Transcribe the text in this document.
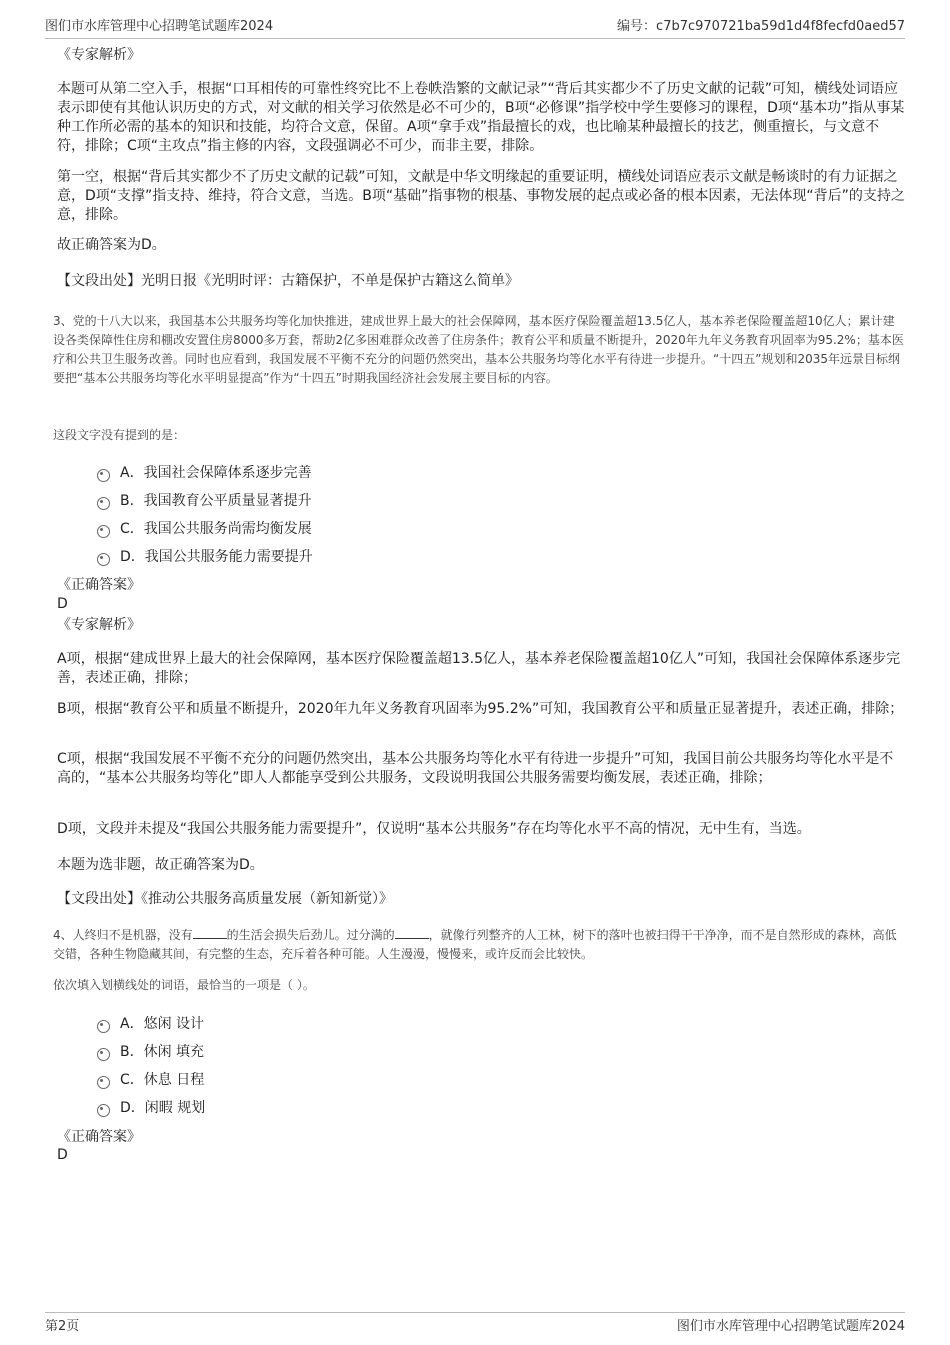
图们市水库管理中心招聘笔试题库2024	编号：c7b7c970721ba59d1d4f8fecfd0aed57

《专家解析》

本题可从第二空入手，根据“口耳相传的可靠性终究比不上卷帙浩繁的文献记录”“背后其实都少不了历史文献的记载”可知，横线处词语应表示即使有其他认识历史的方式，对文献的相关学习依然是必不可少的，B项“必修课”指学校中学生要修习的课程，D项“基本功”指从事某种工作所必需的基本的知识和技能，均符合文意，保留。A项“拿手戏”指最擅长的戏，也比喻某种最擅长的技艺，侧重擅长，与文意不符，排除；C项“主攻点”指主修的内容，文段强调必不可少，而非主要，排除。

第一空，根据“背后其实都少不了历史文献的记载”可知，文献是中华文明缘起的重要证明，横线处词语应表示文献是畅谈时的有力证据之意，D项“支撑”指支持、维持，符合文意，当选。B项“基础”指事物的根基、事物发展的起点或必备的根本因素，无法体现“背后”的支持之意，排除。

故正确答案为D。

【文段出处】光明日报《光明时评：古籍保护，不单是保护古籍这么简单》

3、党的十八大以来，我国基本公共服务均等化加快推进，建成世界上最大的社会保障网，基本医疗保险覆盖超13.5亿人，基本养老保险覆盖超10亿人；累计建设各类保障性住房和棚改安置住房8000多万套，帮助2亿多困难群众改善了住房条件；教育公平和质量不断提升，2020年九年义务教育巩固率为95.2%；基本医疗和公共卫生服务改善。同时也应看到，我国发展不平衡不充分的问题仍然突出，基本公共服务均等化水平有待进一步提升。“十四五”规划和2035年远景目标纲要把“基本公共服务均等化水平明显提高”作为“十四五”时期我国经济社会发展主要目标的内容。

这段文字没有提到的是：

A．我国社会保障体系逐步完善
B．我国教育公平质量显著提升
C．我国公共服务尚需均衡发展
D．我国公共服务能力需要提升

《正确答案》

D

《专家解析》

A项，根据“建成世界上最大的社会保障网，基本医疗保险覆盖超13.5亿人，基本养老保险覆盖超10亿人”可知，我国社会保障体系逐步完善，表述正确，排除；

B项，根据“教育公平和质量不断提升，2020年九年义务教育巩固率为95.2%”可知，我国教育公平和质量正显著提升，表述正确，排除；

C项，根据“我国发展不平衡不充分的问题仍然突出，基本公共服务均等化水平有待进一步提升”可知，我国目前公共服务均等化水平是不高的，“基本公共服务均等化”即人人都能享受到公共服务，文段说明我国公共服务需要均衡发展，表述正确，排除；

D项，文段并未提及“我国公共服务能力需要提升”，仅说明“基本公共服务”存在均等化水平不高的情况，无中生有，当选。

本题为选非题，故正确答案为D。

【文段出处】《推动公共服务高质量发展（新知新觉）》

4、人终归不是机器，没有	的生活会损失后劲儿。过分满的	，就像行列整齐的人工林，树下的落叶也被扫得干干净净，而不是自然形成的森林，高低交错，各种生物隐藏其间，有完整的生态，充斥着各种可能。人生漫漫，慢慢来，或许反而会比较快。

依次填入划横线处的词语，最恰当的一项是（ ）。

A．悠闲 设计
B．休闲 填充
C．休息 日程
D．闲暇 规划

《正确答案》

D

第2页	图们市水库管理中心招聘笔试题库2024
